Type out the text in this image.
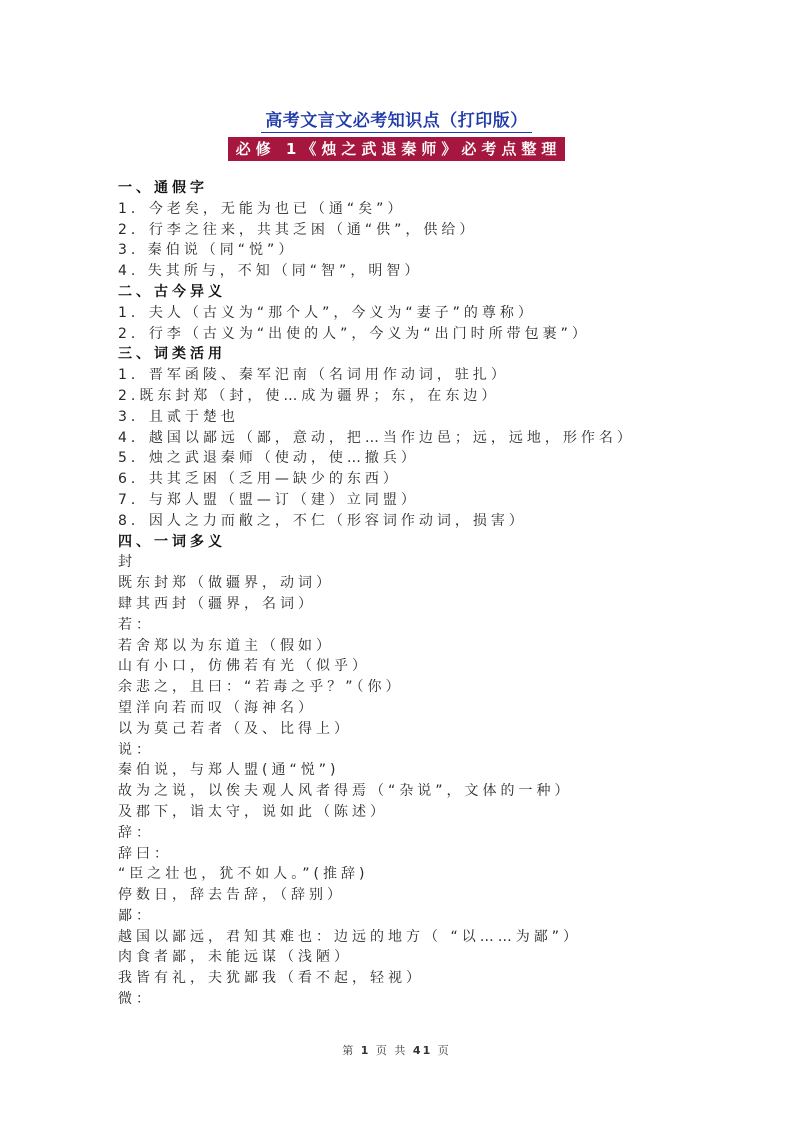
高考文言文必考知识点（打印版）
必修 1《烛之武退秦师》必考点整理
一、通假字
1．今老矣，无能为也已（通“矣”）
2．行李之往来，共其乏困（通“供”，供给）
3. 秦伯说（同“悦”）
4. 失其所与，不知（同“智”，明智）
二、古今异义
1．夫人（古义为“那个人”，今义为“妻子”的尊称）
2．行李（古义为“出使的人”，今义为“出门时所带包裹”）
三、词类活用
1．晋军函陵、秦军汜南（名词用作动词，驻扎）
2.既东封郑（封，使…成为疆界；东，在东边）
3．且贰于楚也
4．越国以鄙远（鄙，意动，把…当作边邑；远，远地，形作名）
5．烛之武退秦师（使动，使…撤兵）
6．共其乏困（乏用—缺少的东西）
7．与郑人盟（盟—订（建）立同盟）
8．因人之力而敝之，不仁（形容词作动词，损害）
四、一词多义
封
既东封郑（做疆界，动词）
肆其西封（疆界，名词）
若：
若舍郑以为东道主（假如）
山有小口，仿佛若有光（似乎）
余悲之，且曰：“若毒之乎？”（你）
望洋向若而叹（海神名）
以为莫己若者（及、比得上）
说：
秦伯说，与郑人盟(通“悦”)
故为之说，以俟夫观人风者得焉（“杂说”，文体的一种）
及郡下，诣太守，说如此（陈述）
辞：
辞曰：
“臣之壮也，犹不如人。”(推辞)
停数日，辞去告辞，（辞别）
鄙：
越国以鄙远，君知其难也：边远的地方（ “以……为鄙”）
肉食者鄙，未能远谋（浅陋）
我皆有礼，夫犹鄙我（看不起，轻视）
微：
第 1 页 共 41 页
